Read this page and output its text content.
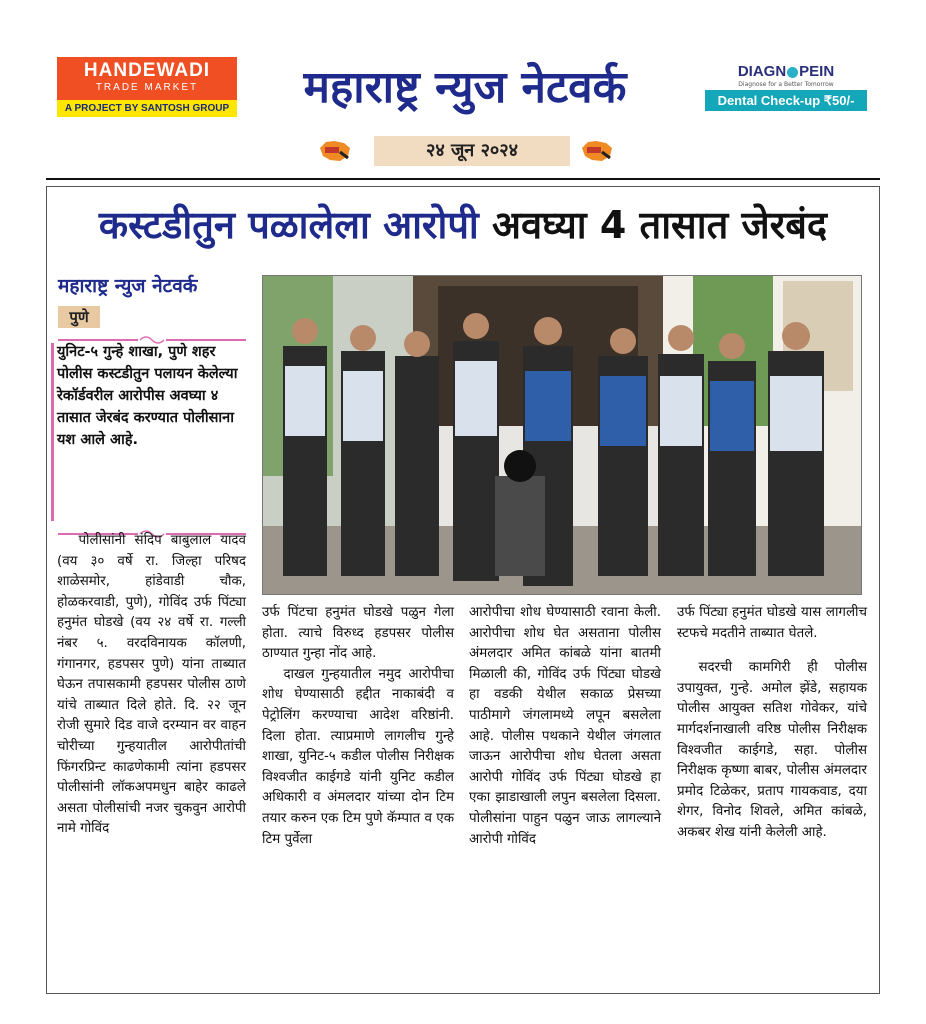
HANDEWADI
TRADE MARKET
A PROJECT BY SANTOSH GROUP	महाराष्ट्र न्युज नेटवर्क	DIAGN PEIN
Diagnose for a Better Tomorrow
Dental Check-up ₹50/-
२४ जून २०२४
कस्टडीतुन पळालेला आरोपी अवघ्या 4 तासात जेरबंद
महाराष्ट्र न्युज नेटवर्क
पुणे
युनिट-५ गुन्हे शाखा, पुणे शहर पोलीस कस्टडीतुन पलायन केलेल्या रेकॉर्डवरील आरोपीस अवघ्या ४ तासात जेरबंद करण्यात पोलीसाना यश आले आहे.

पोलीसांनी संदिप बाबुलाल यादव (वय ३० वर्षे रा. जिल्हा परिषद शाळेसमोर, हांडेवाडी चौक, होळकरवाडी, पुणे), गोविंद उर्फ पिंट्या हनुमंत घोडखे (वय २४ वर्षे रा. गल्ली नंबर ५. वरदविनायक कॉलणी, गंगानगर, हडपसर पुणे) यांना ताब्यात घेऊन तपासकामी हडपसर पोलीस ठाणे यांचे ताब्यात दिले होते. दि. २२ जून रोजी सुमारे दिड वाजे दरम्यान वर वाहन चोरीच्या गुन्हयातील आरोपीतांची फिंगरप्रिन्ट काढणेकामी त्यांना हडपसर पोलीसांनी लॉकअपमधुन बाहेर काढले असता पोलीसांची नजर चुकवुन आरोपी नामे गोविंद

उर्फ पिंटचा हनुमंत घोडखे पळुन गेला होता. त्याचे विरुध्द हडपसर पोलीस ठाण्यात गुन्हा नोंद आहे.

दाखल गुन्हयातील नमुद आरोपीचा शोध घेण्यासाठी हद्दीत नाकाबंदी व पेट्रोलिंग करण्याचा आदेश वरिष्ठांनी. दिला होता. त्याप्रमाणे लागलीच गुन्हे शाखा, युनिट-५ कडील पोलीस निरीक्षक विश्वजीत काईगडे यांनी युनिट कडील अधिकारी व अंमलदार यांच्या दोन टिम तयार करुन एक टिम पुणे कॅम्पात व एक टिम पुर्वेला

आरोपीचा शोध घेण्यासाठी रवाना केली. आरोपीचा शोध घेत असताना पोलीस अंमलदार अमित कांबळे यांना बातमी मिळाली की, गोविंद उर्फ पिंट्या घोडखे हा वडकी येथील सकाळ प्रेसच्या पाठीमागे जंगलामध्ये लपून बसलेला आहे. पोलीस पथकाने येथील जंगलात जाऊन आरोपीचा शोध घेतला असता आरोपी गोविंद उर्फ पिंट्या घोडखे हा एका झाडाखाली लपुन बसलेला दिसला. पोलीसांना पाहुन पळुन जाऊ लागल्याने आरोपी गोविंद

उर्फ पिंट्या हनुमंत घोडखे यास लागलीच स्टफचे मदतीने ताब्यात घेतले.

सदरची कामगिरी ही पोलीस उपायुक्त, गुन्हे. अमोल झेंडे, सहायक पोलीस आयुक्त सतिश गोवेकर, यांचे मार्गदर्शनाखाली वरिष्ठ पोलीस निरीक्षक विश्वजीत काईगडे, सहा. पोलीस निरीक्षक कृष्णा बाबर, पोलीस अंमलदार प्रमोद टिळेकर, प्रताप गायकवाड, दया शेगर, विनोद शिवले, अमित कांबळे, अकबर शेख यांनी केलेली आहे.
